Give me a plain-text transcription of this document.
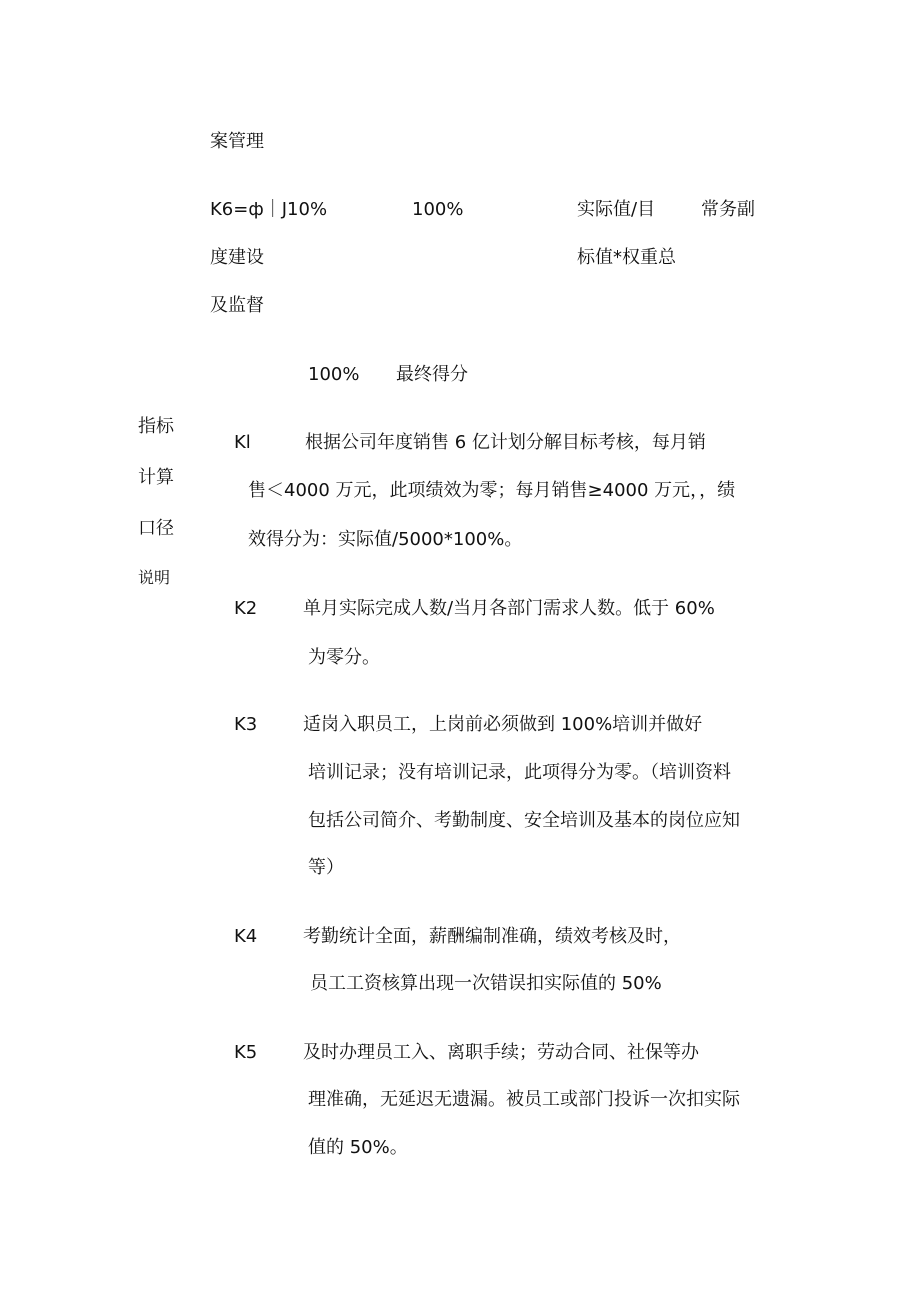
案管理
K6=ф｜J10%	100%	实际值/目	常务副
度建设	标值*权重总
及监督
100% 最终得分
指标
计算
口径
说明
Kl	根据公司年度销售 6 亿计划分解目标考核，每月销
售＜4000 万元，此项绩效为零；每月销售≥4000 万元，，绩
效得分为：实际值/5000*100%。
K2	单月实际完成人数/当月各部门需求人数。低于 60%
为零分。
K3	适岗入职员工，上岗前必须做到 100%培训并做好
培训记录；没有培训记录，此项得分为零。（培训资料
包括公司简介、考勤制度、安全培训及基本的岗位应知
等）
K4	考勤统计全面，薪酬编制准确，绩效考核及时，
员工工资核算出现一次错误扣实际值的 50%
K5	及时办理员工入、离职手续；劳动合同、社保等办
理准确，无延迟无遗漏。被员工或部门投诉一次扣实际
值的 50%。
